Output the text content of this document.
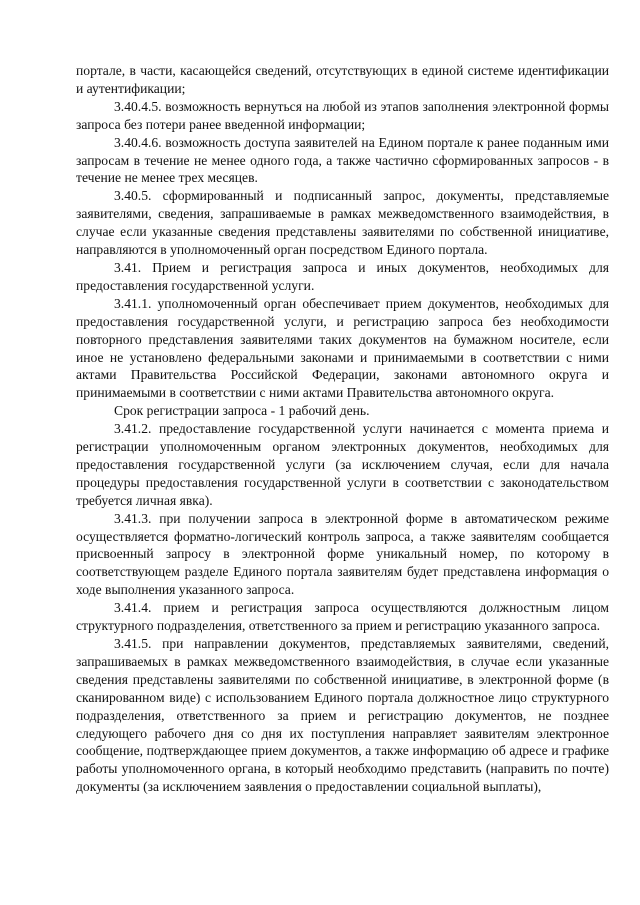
портале, в части, касающейся сведений, отсутствующих в единой системе идентификации и аутентификации;

3.40.4.5. возможность вернуться на любой из этапов заполнения электронной формы запроса без потери ранее введенной информации;

3.40.4.6. возможность доступа заявителей на Едином портале к ранее поданным ими запросам в течение не менее одного года, а также частично сформированных запросов - в течение не менее трех месяцев.

3.40.5. сформированный и подписанный запрос, документы, представляемые заявителями, сведения, запрашиваемые в рамках межведомственного взаимодействия, в случае если указанные сведения представлены заявителями по собственной инициативе, направляются в уполномоченный орган посредством Единого портала.

3.41. Прием и регистрация запроса и иных документов, необходимых для предоставления государственной услуги.

3.41.1. уполномоченный орган обеспечивает прием документов, необходимых для предоставления государственной услуги, и регистрацию запроса без необходимости повторного представления заявителями таких документов на бумажном носителе, если иное не установлено федеральными законами и принимаемыми в соответствии с ними актами Правительства Российской Федерации, законами автономного округа и принимаемыми в соответствии с ними актами Правительства автономного округа.

Срок регистрации запроса - 1 рабочий день.

3.41.2. предоставление государственной услуги начинается с момента приема и регистрации уполномоченным органом электронных документов, необходимых для предоставления государственной услуги (за исключением случая, если для начала процедуры предоставления государственной услуги в соответствии с законодательством требуется личная явка).

3.41.3. при получении запроса в электронной форме в автоматическом режиме осуществляется форматно-логический контроль запроса, а также заявителям сообщается присвоенный запросу в электронной форме уникальный номер, по которому в соответствующем разделе Единого портала заявителям будет представлена информация о ходе выполнения указанного запроса.

3.41.4. прием и регистрация запроса осуществляются должностным лицом структурного подразделения, ответственного за прием и регистрацию указанного запроса.

3.41.5. при направлении документов, представляемых заявителями, сведений, запрашиваемых в рамках межведомственного взаимодействия, в случае если указанные сведения представлены заявителями по собственной инициативе, в электронной форме (в сканированном виде) с использованием Единого портала должностное лицо структурного подразделения, ответственного за прием и регистрацию документов, не позднее следующего рабочего дня со дня их поступления направляет заявителям электронное сообщение, подтверждающее прием документов, а также информацию об адресе и графике работы уполномоченного органа, в который необходимо представить (направить по почте) документы (за исключением заявления о предоставлении социальной выплаты),
